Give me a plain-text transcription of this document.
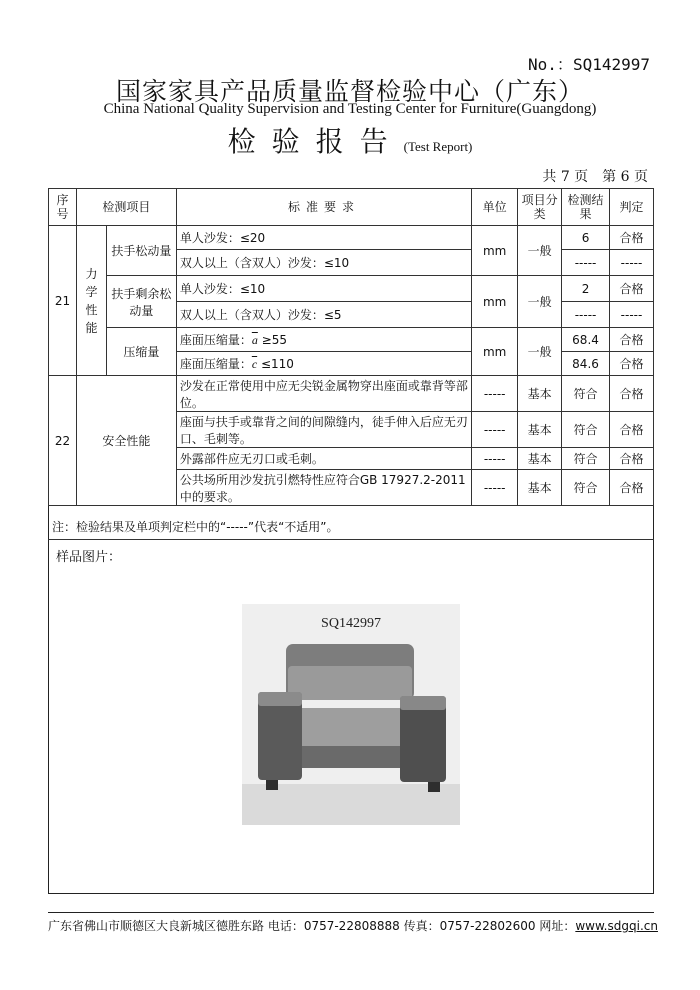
No.：SQ142997
国家家具产品质量监督检验中心（广东）
China National Quality Supervision and Testing Center for Furniture(Guangdong)
检验报告(Test Report)
共 7 页　第 6 页
序号	检测项目		标准要求	单位	项目分类	检测结果	判定
21	力学性能	扶手松动量	单人沙发：≤20	mm	一般	6	合格
			双人以上（含双人）沙发：≤10			-----	-----
		扶手剩余松动量	单人沙发：≤10	mm	一般	2	合格
			双人以上（含双人）沙发：≤5			-----	-----
		压缩量	座面压缩量：$\overline{a} \ge 55$	mm	一般	68.4	合格
			座面压缩量：$\overline{c} \le 110$			84.6	合格
22	安全性能		沙发在正常使用中应无尖锐金属物穿出座面或靠背等部位。	-----	基本	符合	合格
			座面与扶手或靠背之间的间隙缝内，徒手伸入后应无刃口、毛刺等。	-----	基本	符合	合格
			外露部件应无刃口或毛刺。	-----	基本	符合	合格
			公共场所用沙发抗引燃特性应符合GB 17927.2-2011中的要求。	-----	基本	符合	合格
注：检验结果及单项判定栏中的“-----”代表“不适用”。
样品图片：
SQ142997
广东省佛山市顺德区大良新城区德胜东路 电话：0757-22808888 传真：0757-22802600 网址：www.sdgqi.cn
